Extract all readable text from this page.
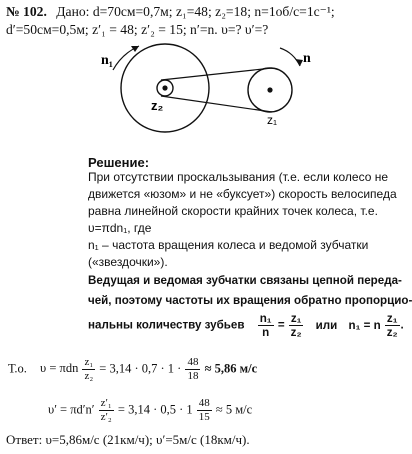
№ 102. Дано: d=70см=0,7м; z₁=48; z₂=18; n=1об/с=1с⁻¹;
d′=50см=0,5м; z′₁ = 48; z′₂ = 15; n′=n. υ=? υ′=?
n₁	n
z₂
z₁
Решение:
При отсутствии проскальзывания (т.е. если колесо не
движется «юзом» и не «буксует») скорость велосипеда
равна линейной скорости крайних точек колеса, т.е.
υ=πdn₁, где
n₁ – частота вращения колеса и ведомой зубчатки
(«звездочки»).
Ведущая и ведомая зубчатки связаны цепной переда-
чей, поэтому частоты их вращения обратно пропорцио-
нальны количеству зубьев $\frac{\text{n₁}}{n} = \frac{\text{z₁}}{\text{z₂}}$ или n₁ = n $\frac{\text{z₁}}{\text{z₂}}$ .
Т.о. υ = πdn $\frac{\text{z₁}}{\text{z₂}} = 3,14 \cdot 0,7 \cdot 1 \cdot \frac{48}{18} \approx 5,86$ м/с
$\upsilon' = \pi d'n' \frac{\text{z′₁}}{\text{z′₂}} = 3,14 \cdot 0,5 \cdot 1 \frac{48}{15} \approx 5$ м/с
Ответ: υ=5,86м/с (21км/ч); υ′=5м/с (18км/ч).
